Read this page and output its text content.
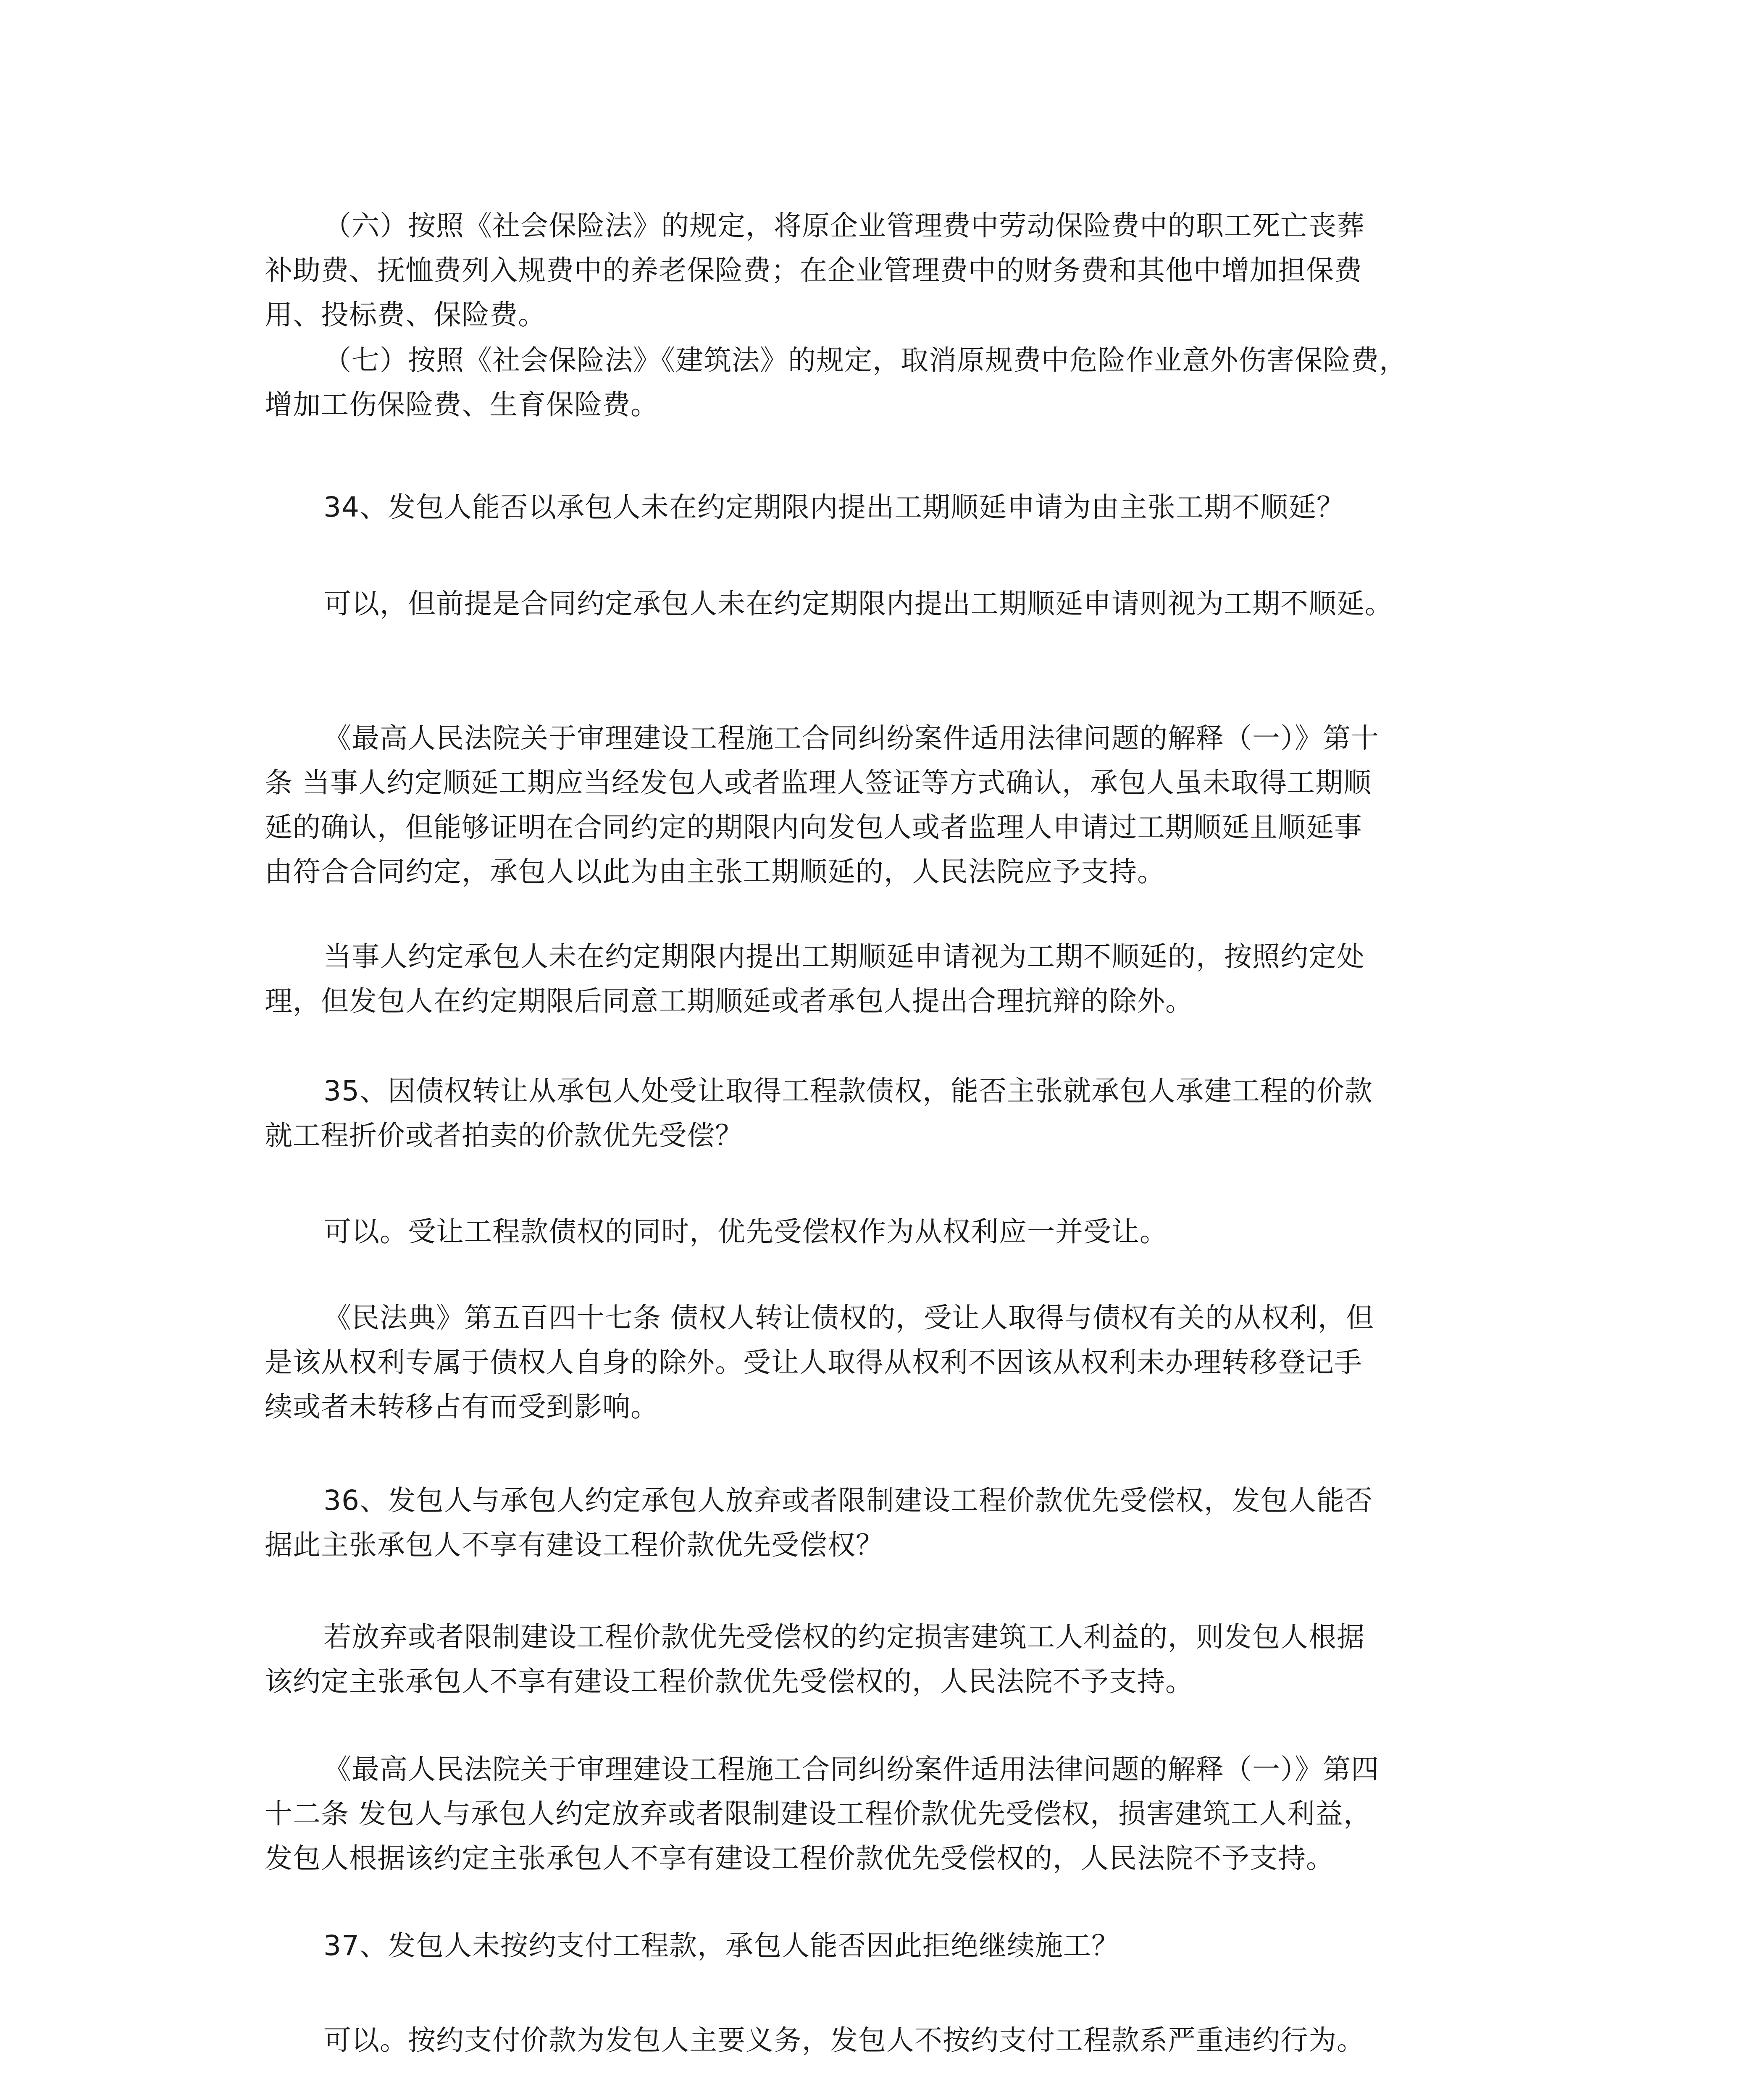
（六）按照《社会保险法》的规定，将原企业管理费中劳动保险费中的职工死亡丧葬
补助费、抚恤费列入规费中的养老保险费；在企业管理费中的财务费和其他中增加担保费
用、投标费、保险费。

（七）按照《社会保险法》《建筑法》的规定，取消原规费中危险作业意外伤害保险费，
增加工伤保险费、生育保险费。

34、发包人能否以承包人未在约定期限内提出工期顺延申请为由主张工期不顺延？

可以，但前提是合同约定承包人未在约定期限内提出工期顺延申请则视为工期不顺延。

《最高人民法院关于审理建设工程施工合同纠纷案件适用法律问题的解释（一）》第十
条 当事人约定顺延工期应当经发包人或者监理人签证等方式确认，承包人虽未取得工期顺
延的确认，但能够证明在合同约定的期限内向发包人或者监理人申请过工期顺延且顺延事
由符合合同约定，承包人以此为由主张工期顺延的，人民法院应予支持。

当事人约定承包人未在约定期限内提出工期顺延申请视为工期不顺延的，按照约定处
理，但发包人在约定期限后同意工期顺延或者承包人提出合理抗辩的除外。

35、因债权转让从承包人处受让取得工程款债权，能否主张就承包人承建工程的价款
就工程折价或者拍卖的价款优先受偿？

可以。受让工程款债权的同时，优先受偿权作为从权利应一并受让。

《民法典》第五百四十七条 债权人转让债权的，受让人取得与债权有关的从权利，但
是该从权利专属于债权人自身的除外。受让人取得从权利不因该从权利未办理转移登记手
续或者未转移占有而受到影响。

36、发包人与承包人约定承包人放弃或者限制建设工程价款优先受偿权，发包人能否
据此主张承包人不享有建设工程价款优先受偿权？

若放弃或者限制建设工程价款优先受偿权的约定损害建筑工人利益的，则发包人根据
该约定主张承包人不享有建设工程价款优先受偿权的，人民法院不予支持。

《最高人民法院关于审理建设工程施工合同纠纷案件适用法律问题的解释（一）》第四
十二条 发包人与承包人约定放弃或者限制建设工程价款优先受偿权，损害建筑工人利益，
发包人根据该约定主张承包人不享有建设工程价款优先受偿权的，人民法院不予支持。

37、发包人未按约支付工程款，承包人能否因此拒绝继续施工？

可以。按约支付价款为发包人主要义务，发包人不按约支付工程款系严重违约行为。
